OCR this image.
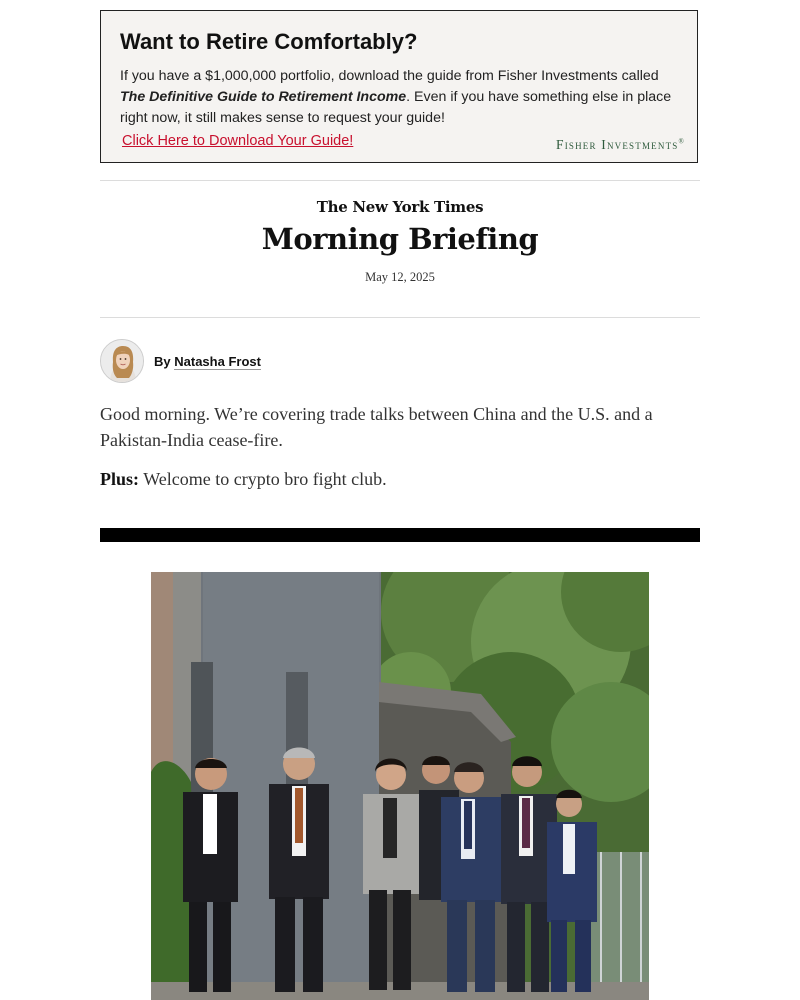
Want to Retire Comfortably?
If you have a $1,000,000 portfolio, download the guide from Fisher Investments called
The Definitive Guide to Retirement Income. Even if you have something else in place
right now, it still makes sense to request your guide!
Click Here to Download Your Guide!	Fisher Investments®
The New York Times
Morning Briefing
May 12, 2025
By Natasha Frost
Good morning. We’re covering trade talks between China and the U.S. and a Pakistan-India cease-fire.
Plus: Welcome to crypto bro fight club.
